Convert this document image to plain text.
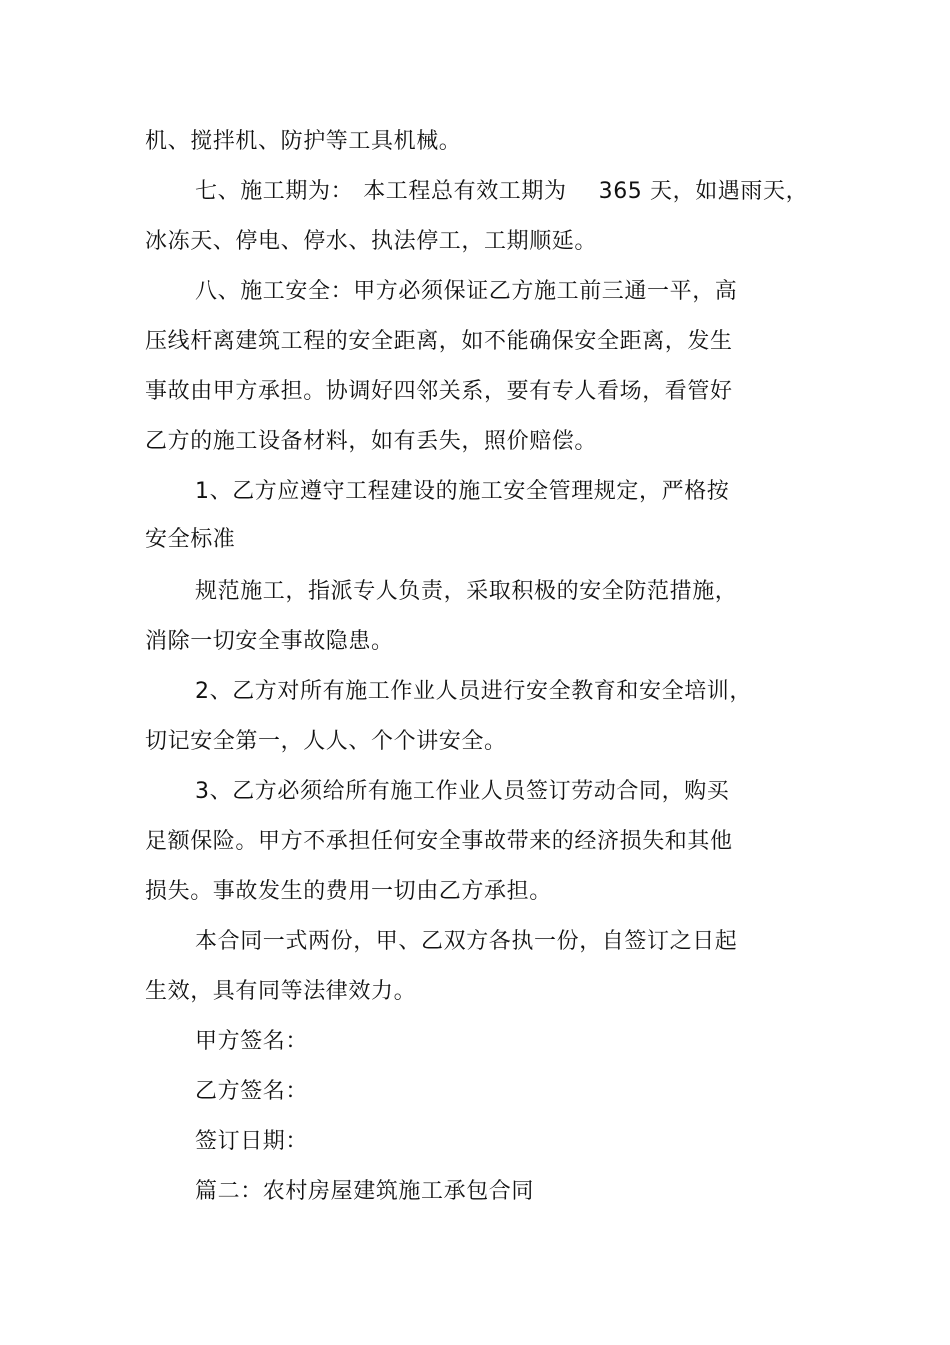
机、搅拌机、防护等工具机械。
七、施工期为： 本工程总有效工期为 365 天，如遇雨天，
冰冻天、停电、停水、执法停工，工期顺延。
八、施工安全：甲方必须保证乙方施工前三通一平，高
压线杆离建筑工程的安全距离，如不能确保安全距离，发生
事故由甲方承担。协调好四邻关系，要有专人看场，看管好
乙方的施工设备材料，如有丢失，照价赔偿。
1、乙方应遵守工程建设的施工安全管理规定，严格按
安全标准
规范施工，指派专人负责，采取积极的安全防范措施，
消除一切安全事故隐患。
2、乙方对所有施工作业人员进行安全教育和安全培训，
切记安全第一，人人、个个讲安全。
3、乙方必须给所有施工作业人员签订劳动合同，购买
足额保险。甲方不承担任何安全事故带来的经济损失和其他
损失。事故发生的费用一切由乙方承担。
本合同一式两份，甲、乙双方各执一份，自签订之日起
生效，具有同等法律效力。
甲方签名：
乙方签名：
签订日期：
篇二：农村房屋建筑施工承包合同
